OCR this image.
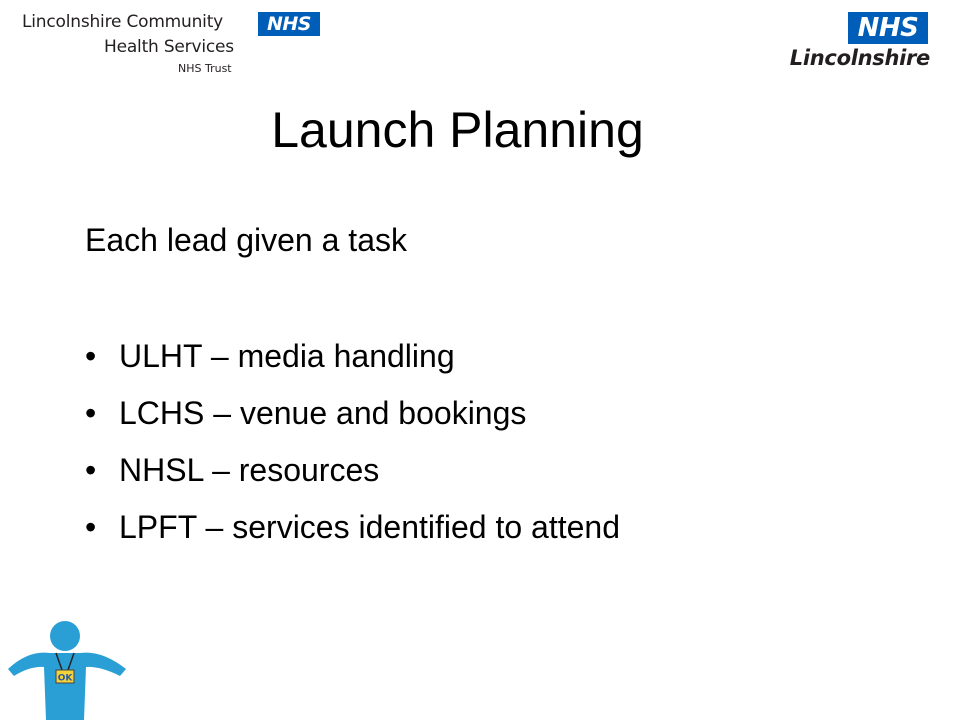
Lincolnshire Community
Health Services
NHS Trust
NHS	NHS
Lincolnshire
Launch Planning
Each lead given a task
• ULHT – media handling
• LCHS – venue and bookings
• NHSL – resources
• LPFT – services identified to attend
OK
